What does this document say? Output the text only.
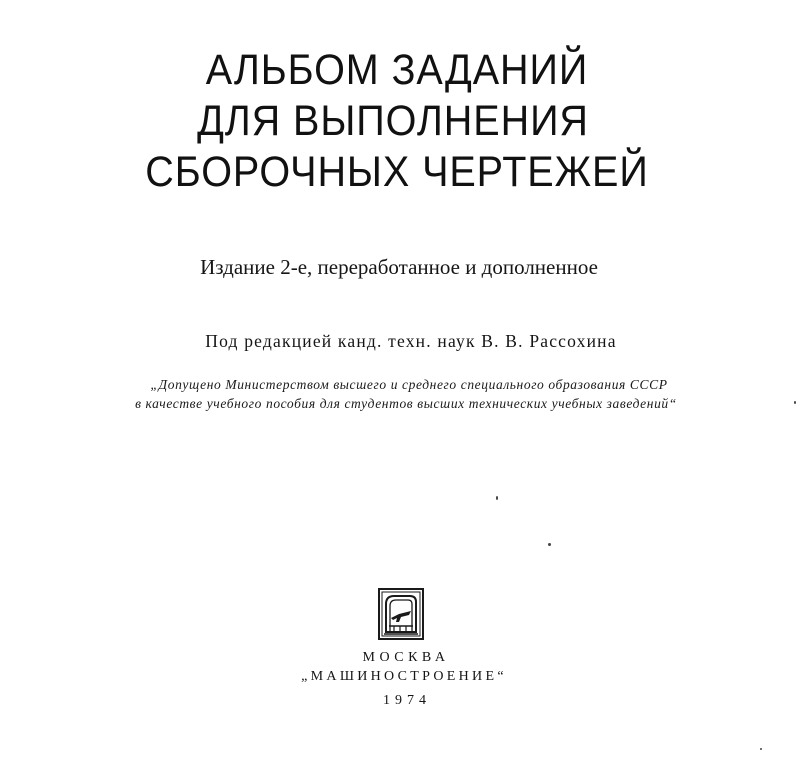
АЛЬБОМ ЗАДАНИЙ
ДЛЯ ВЫПОЛНЕНИЯ
СБОРОЧНЫХ ЧЕРТЕЖЕЙ
Издание 2-е, переработанное и дополненное
Под редакцией канд. техн. наук В. В. Рассохина
„Допущено Министерством высшего и среднего специального образования СССР
в качестве учебного пособия для студентов высших технических учебных заведений“
МОСКВА
„МАШИНОСТРОЕНИЕ“
1974
